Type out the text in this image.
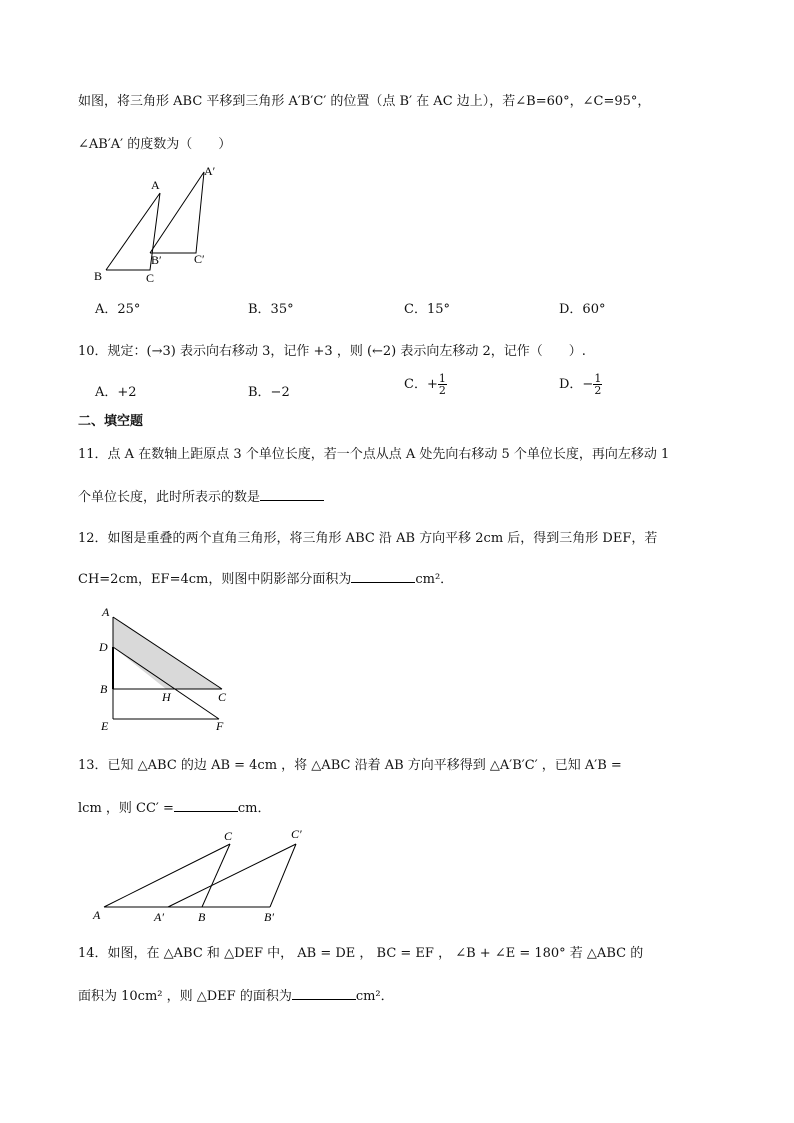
如图，将三角形 ABC 平移到三角形 A′B′C′ 的位置（点 B′ 在 AC 边上），若∠B=60°，∠C=95°，
∠AB′A′ 的度数为（　　）
A
A′
B	C
B′	C′
A．25°	B．35°	C．15°	D．60°
10．规定：(→3) 表示向右移动 3，记作 +3 ，则 (←2) 表示向左移动 2，记作（　　）.
A．+2	B．−2
C．+ $\frac{1}{2}$	D．− $\frac{1}{2}$
二、填空题
11．点 A 在数轴上距原点 3 个单位长度，若一个点从点 A 处先向右移动 5 个单位长度，再向左移动 1
个单位长度，此时所表示的数是
12．如图是重叠的两个直角三角形，将三角形 ABC 沿 AB 方向平移 2cm 后，得到三角形 DEF，若
CH=2cm，EF=4cm，则图中阴影部分面积为	cm²．
A
D
B
H	C
E	F
13．已知 △ABC 的边 AB = 4cm ，将 △ABC 沿着 AB 方向平移得到 △A′B′C′ ，已知 A′B =
lcm ，则 CC′ =	cm．
A	A′	B	B′
C	C′
14．如图，在 △ABC 和 △DEF 中， AB = DE ， BC = EF ， ∠B + ∠E = 180° 若 △ABC 的
面积为 10cm² ，则 △DEF 的面积为	cm²．
